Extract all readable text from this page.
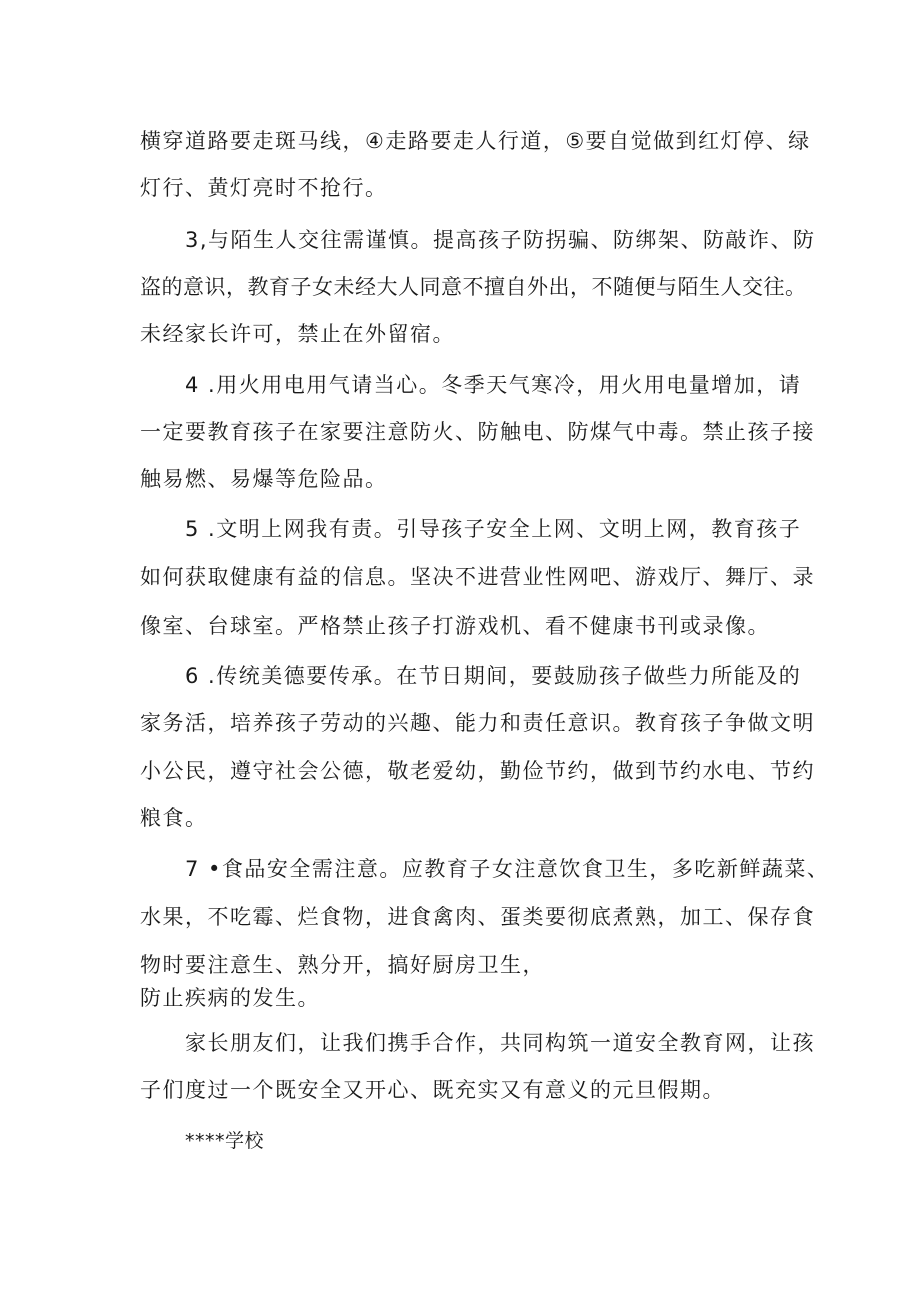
横穿道路要走斑马线，④走路要走人行道，⑤要自觉做到红灯停、绿
灯行、黄灯亮时不抢行。
3,与陌生人交往需谨慎。提高孩子防拐骗、防绑架、防敲诈、防
盗的意识，教育子女未经大人同意不擅自外出，不随便与陌生人交往。
未经家长许可，禁止在外留宿。
4 .用火用电用气请当心。冬季天气寒冷，用火用电量增加，请
一定要教育孩子在家要注意防火、防触电、防煤气中毒。禁止孩子接
触易燃、易爆等危险品。
5 .文明上网我有责。引导孩子安全上网、文明上网，教育孩子
如何获取健康有益的信息。坚决不进营业性网吧、游戏厅、舞厅、录
像室、台球室。严格禁止孩子打游戏机、看不健康书刊或录像。
6 .传统美德要传承。在节日期间，要鼓励孩子做些力所能及的
家务活，培养孩子劳动的兴趣、能力和责任意识。教育孩子争做文明
小公民，遵守社会公德，敬老爱幼，勤俭节约，做到节约水电、节约
粮食。
7 •食品安全需注意。应教育子女注意饮食卫生，多吃新鲜蔬菜、
水果，不吃霉、烂食物，进食禽肉、蛋类要彻底煮熟，加工、保存食
物时要注意生、熟分开，搞好厨房卫生，
防止疾病的发生。
家长朋友们，让我们携手合作，共同构筑一道安全教育网，让孩
子们度过一个既安全又开心、既充实又有意义的元旦假期。
****学校
